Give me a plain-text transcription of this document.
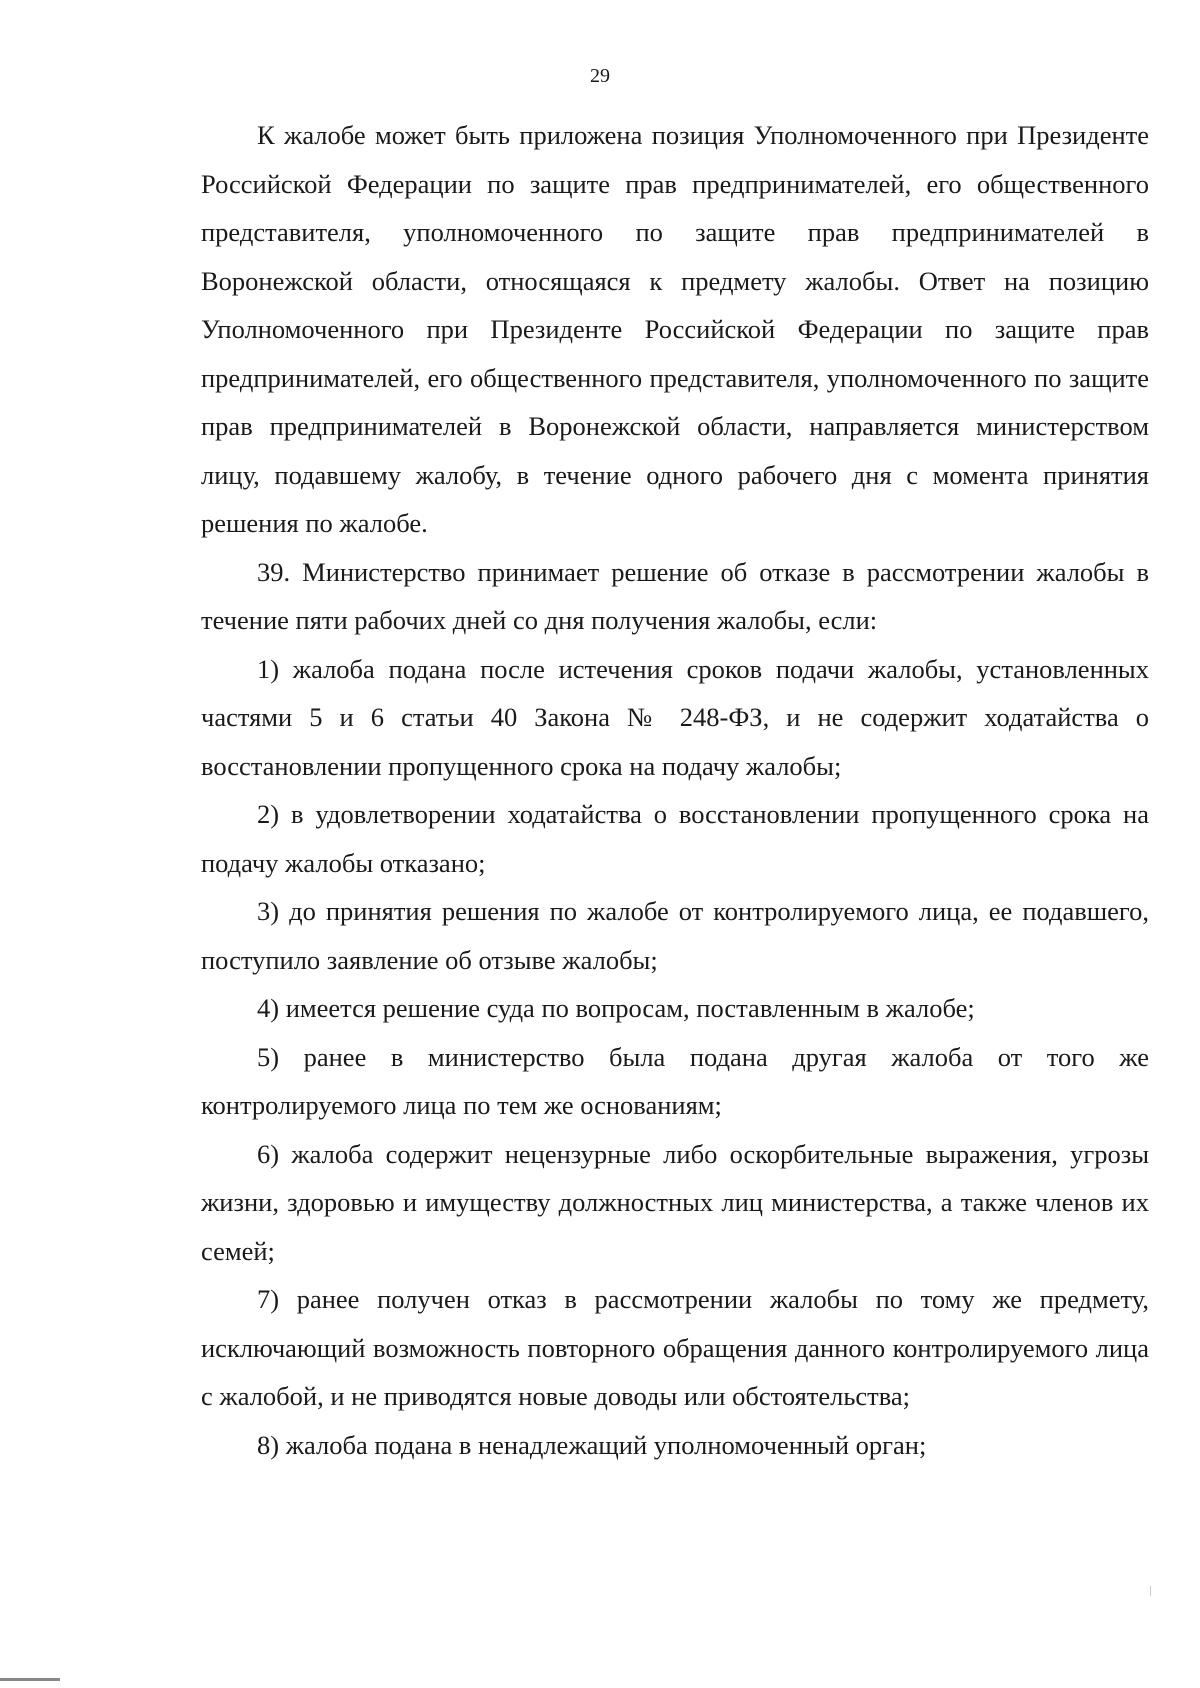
29

К жалобе может быть приложена позиция Уполномоченного при Президенте Российской Федерации по защите прав предпринимателей, его общественного представителя, уполномоченного по защите прав предпринимателей в Воронежской области, относящаяся к предмету жалобы. Ответ на позицию Уполномоченного при Президенте Российской Федерации по защите прав предпринимателей, его общественного представителя, уполномоченного по защите прав предпринимателей в Воронежской области, направляется министерством лицу, подавшему жалобу, в течение одного рабочего дня с момента принятия решения по жалобе.

39. Министерство принимает решение об отказе в рассмотрении жалобы в течение пяти рабочих дней со дня получения жалобы, если:

1) жалоба подана после истечения сроков подачи жалобы, установленных частями 5 и 6 статьи 40 Закона № 248-ФЗ, и не содержит ходатайства о восстановлении пропущенного срока на подачу жалобы;

2) в удовлетворении ходатайства о восстановлении пропущенного срока на подачу жалобы отказано;

3) до принятия решения по жалобе от контролируемого лица, ее подавшего, поступило заявление об отзыве жалобы;

4) имеется решение суда по вопросам, поставленным в жалобе;

5) ранее в министерство была подана другая жалоба от того же контролируемого лица по тем же основаниям;

6) жалоба содержит нецензурные либо оскорбительные выражения, угрозы жизни, здоровью и имуществу должностных лиц министерства, а также членов их семей;

7) ранее получен отказ в рассмотрении жалобы по тому же предмету, исключающий возможность повторного обращения данного контролируемого лица с жалобой, и не приводятся новые доводы или обстоятельства;

8) жалоба подана в ненадлежащий уполномоченный орган;
